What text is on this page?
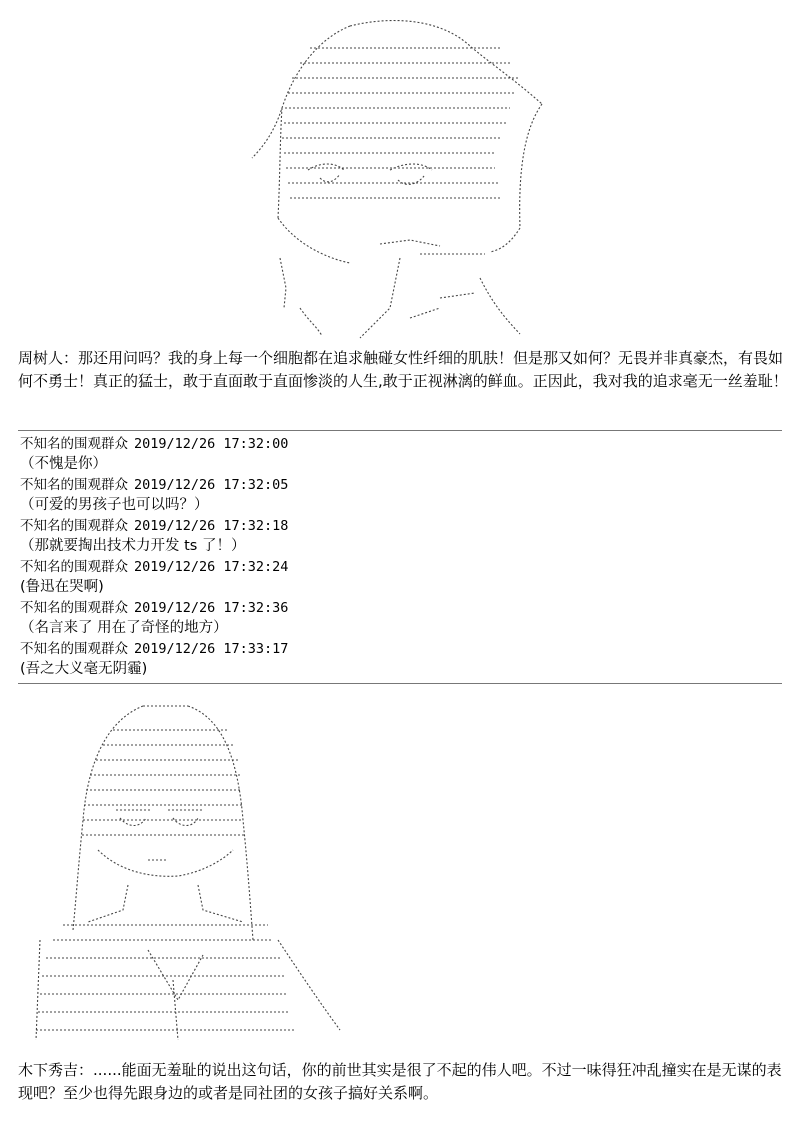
周树人：那还用问吗？我的身上每一个细胞都在追求触碰女性纤细的肌肤！但是那又如何？无畏并非真豪杰，有畏如何不勇士！真正的猛士，敢于直面敢于直面惨淡的人生,敢于正视淋漓的鲜血。正因此，我对我的追求毫无一丝羞耻！
不知名的围观群众 2019/12/26 17:32:00
（不愧是你）
不知名的围观群众 2019/12/26 17:32:05
（可爱的男孩子也可以吗？）
不知名的围观群众 2019/12/26 17:32:18
（那就要掏出技术力开发 ts 了！）
不知名的围观群众 2019/12/26 17:32:24
(鲁迅在哭啊)
不知名的围观群众 2019/12/26 17:32:36
（名言来了 用在了奇怪的地方）
不知名的围观群众 2019/12/26 17:33:17
(吾之大义毫无阴霾)
木下秀吉：......能面无羞耻的说出这句话，你的前世其实是很了不起的伟人吧。不过一味得狂冲乱撞实在是无谋的表现吧？至少也得先跟身边的或者是同社团的女孩子搞好关系啊。
